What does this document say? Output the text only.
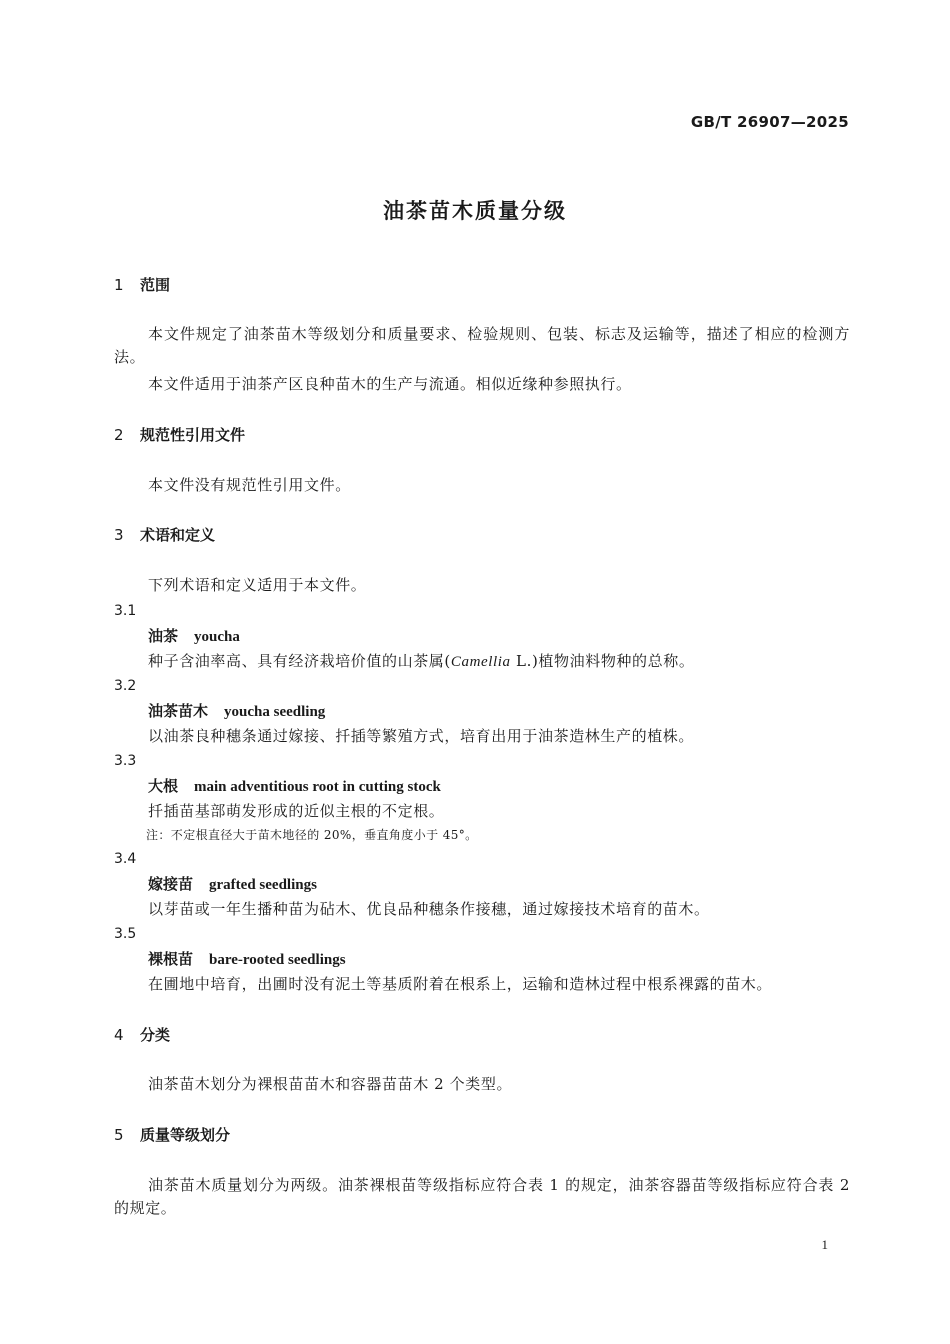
GB/T 26907—2025
油茶苗木质量分级
1 范围
本文件规定了油茶苗木等级划分和质量要求、检验规则、包装、标志及运输等，描述了相应的检测方法。
本文件适用于油茶产区良种苗木的生产与流通。相似近缘种参照执行。
2 规范性引用文件
本文件没有规范性引用文件。
3 术语和定义
下列术语和定义适用于本文件。
3.1
油茶 youcha
种子含油率高、具有经济栽培价值的山茶属(Camellia L.)植物油料物种的总称。
3.2
油茶苗木 youcha seedling
以油茶良种穗条通过嫁接、扦插等繁殖方式，培育出用于油茶造林生产的植株。
3.3
大根 main adventitious root in cutting stock
扦插苗基部萌发形成的近似主根的不定根。
注：不定根直径大于苗木地径的 20%，垂直角度小于 45°。
3.4
嫁接苗 grafted seedlings
以芽苗或一年生播种苗为砧木、优良品种穗条作接穗，通过嫁接技术培育的苗木。
3.5
裸根苗 bare-rooted seedlings
在圃地中培育，出圃时没有泥土等基质附着在根系上，运输和造林过程中根系裸露的苗木。
4 分类
油茶苗木划分为裸根苗苗木和容器苗苗木 2 个类型。
5 质量等级划分
油茶苗木质量划分为两级。油茶裸根苗等级指标应符合表 1 的规定，油茶容器苗等级指标应符合表 2 的规定。
1
